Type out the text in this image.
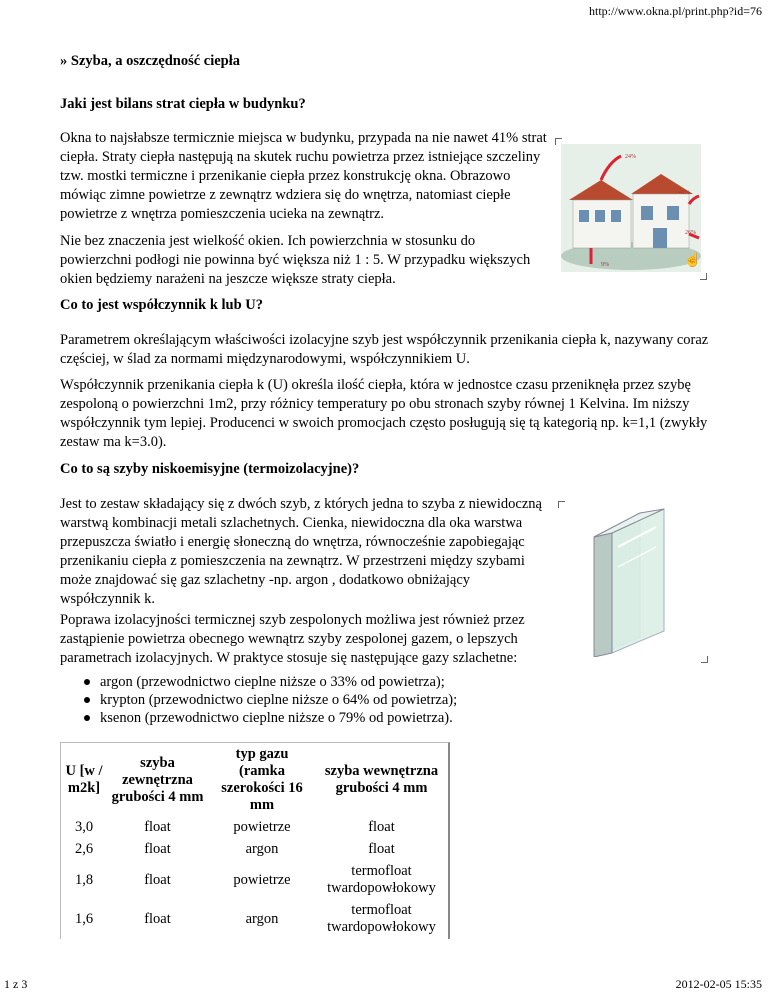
http://www.okna.pl/print.php?id=76
» Szyba, a oszczędność ciepła
Jaki jest bilans strat ciepła w budynku?

Okna to najsłabsze termicznie miejsca w budynku, przypada na nie nawet 41% strat ciepła. Straty ciepła następują na skutek ruchu powietrza przez istniejące szczeliny tzw. mostki termiczne i przenikanie ciepła przez konstrukcję okna. Obrazowo mówiąc zimne powietrze z zewnątrz wdziera się do wnętrza, natomiast ciepłe powietrze z wnętrza pomieszczenia ucieka na zewnątrz.

Nie bez znaczenia jest wielkość okien. Ich powierzchnia w stosunku do powierzchni podłogi nie powinna być większa niż 1 : 5. W przypadku większych okien będziemy narażeni na jeszcze większe straty ciepła.

24%
41%
26%
9%	☝
Co to jest współczynnik k lub U?

Parametrem określającym właściwości izolacyjne szyb jest współczynnik przenikania ciepła k, nazywany coraz częściej, w ślad za normami międzynarodowymi, współczynnikiem U.

Współczynnik przenikania ciepła k (U) określa ilość ciepła, która w jednostce czasu przeniknęła przez szybę zespoloną o powierzchni 1m2, przy różnicy temperatury po obu stronach szyby równej 1 Kelvina. Im niższy współczynnik tym lepiej. Producenci w swoich promocjach często posługują się tą kategorią np. k=1,1 (zwykły zestaw ma k=3.0).

Co to są szyby niskoemisyjne (termoizolacyjne)?

Jest to zestaw składający się z dwóch szyb, z których jedna to szyba z niewidoczną warstwą kombinacji metali szlachetnych. Cienka, niewidoczna dla oka warstwa przepuszcza światło i energię słoneczną do wnętrza, równocześnie zapobiegając przenikaniu ciepła z pomieszczenia na zewnątrz. W przestrzeni między szybami może znajdować się gaz szlachetny -np. argon , dodatkowo obniżający współczynnik k.

Poprawa izolacyjności termicznej szyb zespolonych możliwa jest również przez zastąpienie powietrza obecnego wewnątrz szyby zespolonej gazem, o lepszych parametrach izolacyjnych. W praktyce stosuje się następujące gazy szlachetne:

argon (przewodnictwo cieplne niższe o 33% od powietrza);
krypton (przewodnictwo cieplne niższe o 64% od powietrza);
ksenon (przewodnictwo cieplne niższe o 79% od powietrza).
U [w / m2k]	szyba zewnętrzna grubości 4 mm	typ gazu (ramka szerokości 16 mm	szyba wewnętrzna grubości 4 mm
3,0	float	powietrze	float
2,6	float	argon	float
1,8	float	powietrze	termofloat twardopowłokowy
1,6	float	argon	termofloat twardopowłokowy
1 z 3	2012-02-05 15:35
